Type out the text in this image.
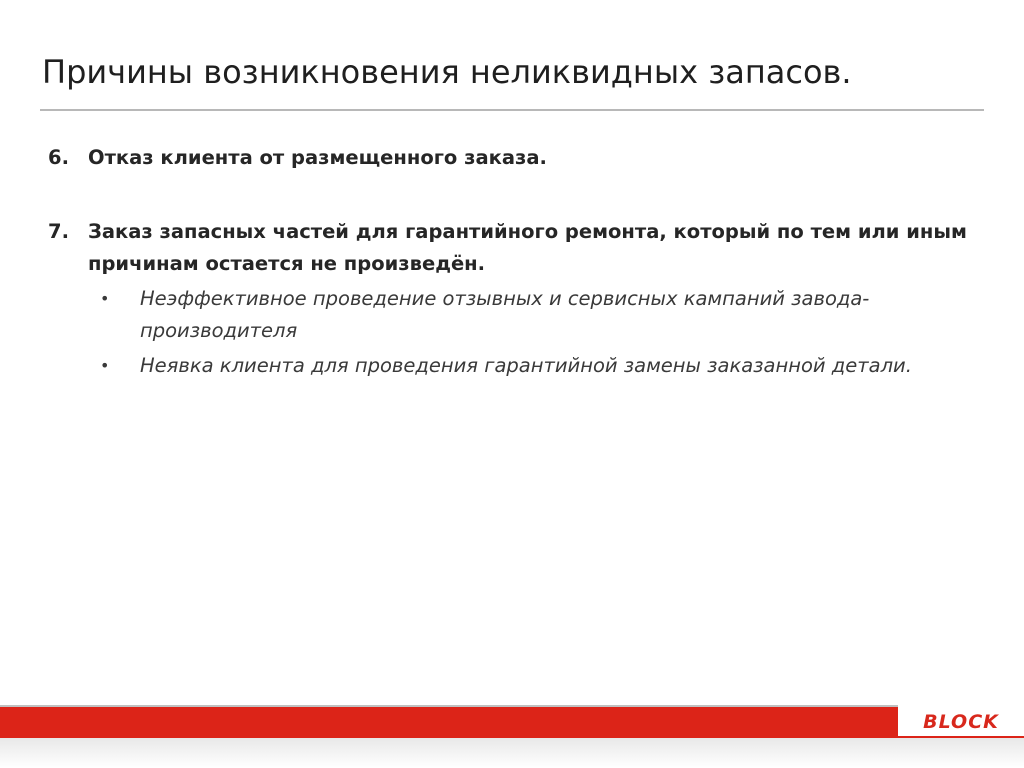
Причины возникновения неликвидных запасов.
6. Отказ клиента от размещенного заказа.
7. Заказ запасных частей для гарантийного ремонта, который по тем или иным причинам остается не произведён.
• Неэффективное проведение отзывных и сервисных кампаний завода-производителя
• Неявка клиента для проведения гарантийной замены заказанной детали.
BLOCK
